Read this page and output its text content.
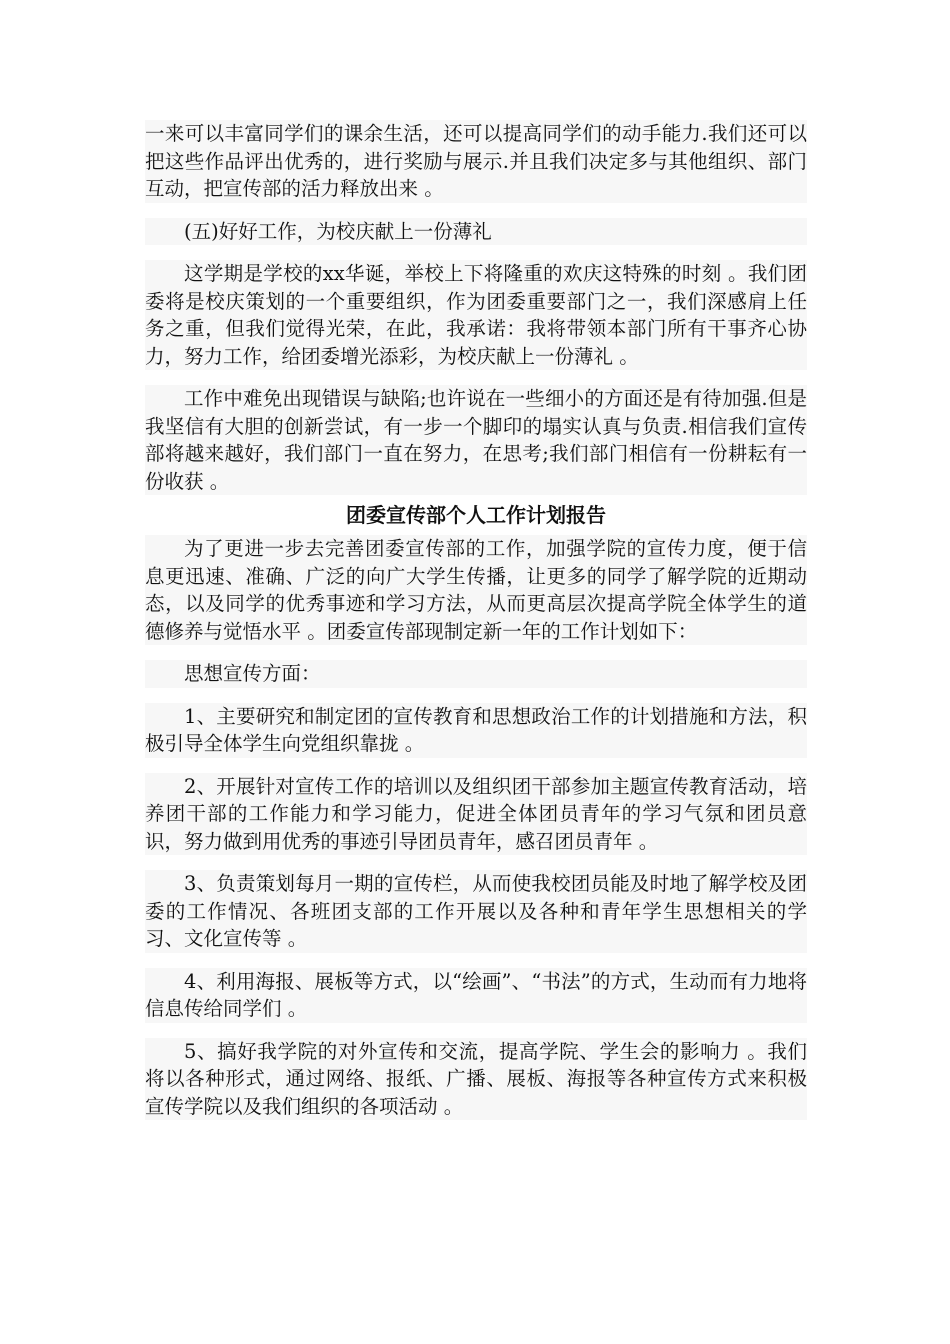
一来可以丰富同学们的课余生活，还可以提高同学们的动手能力.我们还可以把这些作品评出优秀的，进行奖励与展示.并且我们决定多与其他组织、部门互动，把宣传部的活力释放出来 。

(五)好好工作，为校庆献上一份薄礼

这学期是学校的xx华诞，举校上下将隆重的欢庆这特殊的时刻 。我们团委将是校庆策划的一个重要组织，作为团委重要部门之一，我们深感肩上任务之重，但我们觉得光荣，在此，我承诺：我将带领本部门所有干事齐心协力，努力工作，给团委增光添彩，为校庆献上一份薄礼 。

工作中难免出现错误与缺陷;也许说在一些细小的方面还是有待加强.但是我坚信有大胆的创新尝试，有一步一个脚印的塌实认真与负责.相信我们宣传部将越来越好，我们部门一直在努力，在思考;我们部门相信有一份耕耘有一份收获 。

团委宣传部个人工作计划报告

为了更进一步去完善团委宣传部的工作，加强学院的宣传力度，便于信息更迅速、准确、广泛的向广大学生传播，让更多的同学了解学院的近期动态，以及同学的优秀事迹和学习方法，从而更高层次提高学院全体学生的道德修养与觉悟水平 。团委宣传部现制定新一年的工作计划如下：

思想宣传方面：

1、主要研究和制定团的宣传教育和思想政治工作的计划措施和方法，积极引导全体学生向党组织靠拢 。

2、开展针对宣传工作的培训以及组织团干部参加主题宣传教育活动，培养团干部的工作能力和学习能力，促进全体团员青年的学习气氛和团员意识，努力做到用优秀的事迹引导团员青年，感召团员青年 。

3、负责策划每月一期的宣传栏，从而使我校团员能及时地了解学校及团委的工作情况、各班团支部的工作开展以及各种和青年学生思想相关的学习、文化宣传等 。

4、利用海报、展板等方式，以“绘画”、“书法”的方式，生动而有力地将信息传给同学们 。

5、搞好我学院的对外宣传和交流，提高学院、学生会的影响力 。我们将以各种形式，通过网络、报纸、广播、展板、海报等各种宣传方式来积极宣传学院以及我们组织的各项活动 。
